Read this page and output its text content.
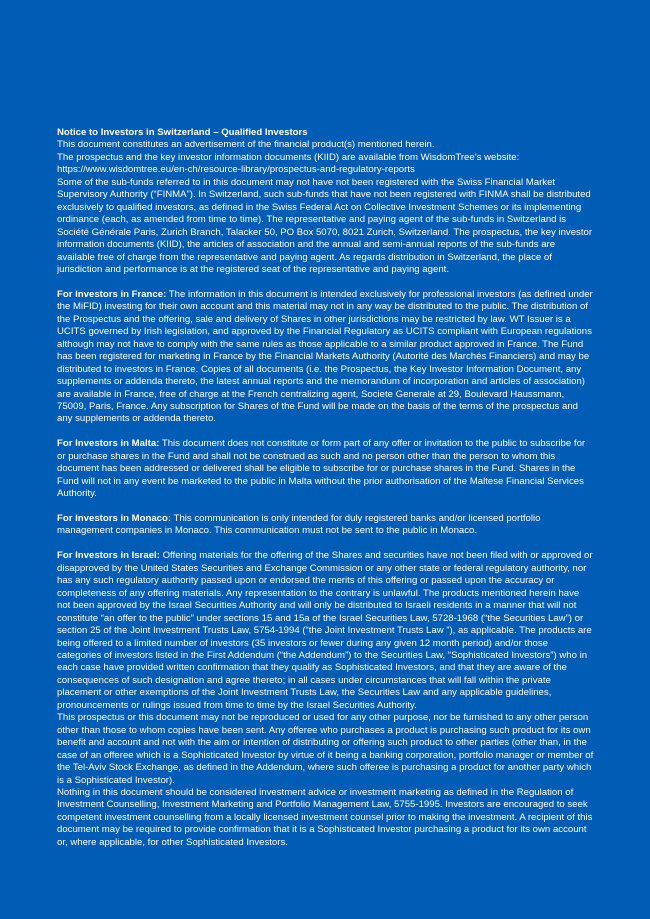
Notice to Investors in Switzerland – Qualified Investors

This document constitutes an advertisement of the financial product(s) mentioned herein.

The prospectus and the key investor information documents (KIID) are available from WisdomTree’s website:

https://www.wisdomtree.eu/en-ch/resource-library/prospectus-and-regulatory-reports

Some of the sub-funds referred to in this document may not have not been registered with the Swiss Financial Market Supervisory Authority (“FINMA”). In Switzerland, such sub-funds that have not been registered with FINMA shall be distributed exclusively to qualified investors, as defined in the Swiss Federal Act on Collective Investment Schemes or its implementing ordinance (each, as amended from time to time). The representative and paying agent of the sub-funds in Switzerland is Société Générale Paris, Zurich Branch, Talacker 50, PO Box 5070, 8021 Zurich, Switzerland. The prospectus, the key investor information documents (KIID), the articles of association and the annual and semi-annual reports of the sub-funds are available free of charge from the representative and paying agent. As regards distribution in Switzerland, the place of jurisdiction and performance is at the registered seat of the representative and paying agent.

For Investors in France: The information in this document is intended exclusively for professional investors (as defined under the MiFID) investing for their own account and this material may not in any way be distributed to the public. The distribution of the Prospectus and the offering, sale and delivery of Shares in other jurisdictions may be restricted by law. WT Issuer is a UCITS governed by Irish legislation, and approved by the Financial Regulatory as UCITS compliant with European regulations although may not have to comply with the same rules as those applicable to a similar product approved in France. The Fund has been registered for marketing in France by the Financial Markets Authority (Autorité des Marchés Financiers) and may be distributed to investors in France. Copies of all documents (i.e. the Prospectus, the Key Investor Information Document, any supplements or addenda thereto, the latest annual reports and the memorandum of incorporation and articles of association) are available in France, free of charge at the French centralizing agent, Societe Generale at 29, Boulevard Haussmann, 75009, Paris, France. Any subscription for Shares of the Fund will be made on the basis of the terms of the prospectus and any supplements or addenda thereto.

For Investors in Malta: This document does not constitute or form part of any offer or invitation to the public to subscribe for or purchase shares in the Fund and shall not be construed as such and no person other than the person to whom this document has been addressed or delivered shall be eligible to subscribe for or purchase shares in the Fund. Shares in the Fund will not in any event be marketed to the public in Malta without the prior authorisation of the Maltese Financial Services Authority.

For Investors in Monaco: This communication is only intended for duly registered banks and/or licensed portfolio management companies in Monaco. This communication must not be sent to the public in Monaco.

For Investors in Israel: Offering materials for the offering of the Shares and securities have not been filed with or approved or disapproved by the United States Securities and Exchange Commission or any other state or federal regulatory authority, nor has any such regulatory authority passed upon or endorsed the merits of this offering or passed upon the accuracy or completeness of any offering materials. Any representation to the contrary is unlawful. The products mentioned herein have not been approved by the Israel Securities Authority and will only be distributed to Israeli residents in a manner that will not constitute “an offer to the public” under sections 15 and 15a of the Israel Securities Law, 5728-1968 (“the Securities Law”) or section 25 of the Joint Investment Trusts Law, 5754-1994 (“the Joint Investment Trusts Law ”), as applicable. The products are being offered to a limited number of investors (35 investors or fewer during any given 12 month period) and/or those categories of investors listed in the First Addendum (“the Addendum”) to the Securities Law, “Sophisticated Investors”) who in each case have provided written confirmation that they qualify as Sophisticated Investors, and that they are aware of the consequences of such designation and agree thereto; in all cases under circumstances that will fall within the private placement or other exemptions of the Joint Investment Trusts Law, the Securities Law and any applicable guidelines, pronouncements or rulings issued from time to time by the Israel Securities Authority.

This prospectus or this document may not be reproduced or used for any other purpose, nor be furnished to any other person other than those to whom copies have been sent. Any offeree who purchases a product is purchasing such product for its own benefit and account and not with the aim or intention of distributing or offering such product to other parties (other than, in the case of an offeree which is a Sophisticated Investor by virtue of it being a banking corporation, portfolio manager or member of the Tel-Aviv Stock Exchange, as defined in the Addendum, where such offeree is purchasing a product for another party which is a Sophisticated Investor).

Nothing in this document should be considered investment advice or investment marketing as defined in the Regulation of Investment Counselling, Investment Marketing and Portfolio Management Law, 5755-1995. Investors are encouraged to seek competent investment counselling from a locally licensed investment counsel prior to making the investment. A recipient of this document may be required to provide confirmation that it is a Sophisticated Investor purchasing a product for its own account or, where applicable, for other Sophisticated Investors.
